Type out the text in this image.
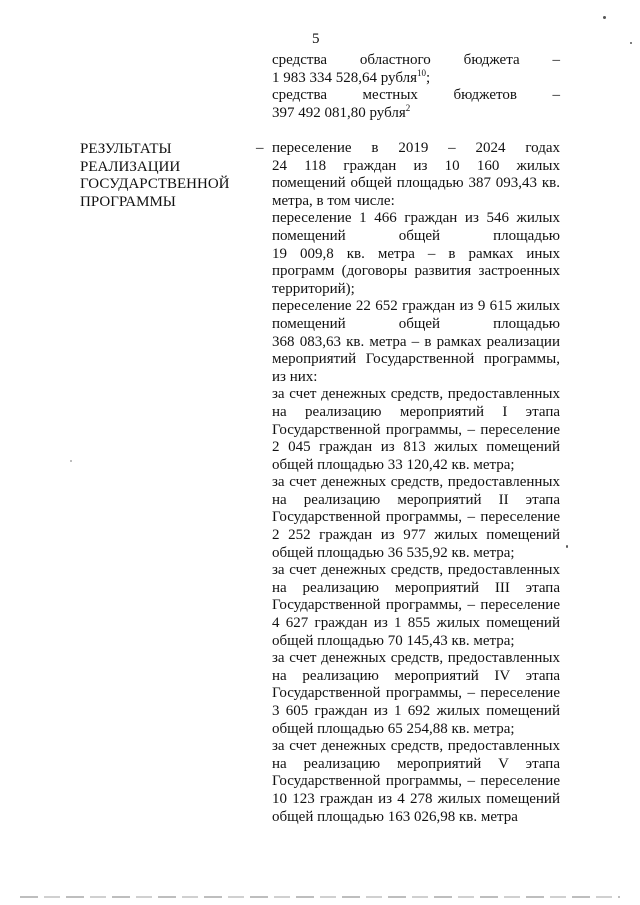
5
средства областного бюджета –
1 983 334 528,64 рубля$^{10}$;
средства местных бюджетов –
397 492 081,80 рубля$^2$
РЕЗУЛЬТАТЫ
РЕАЛИЗАЦИИ
ГОСУДАРСТВЕННОЙ
ПРОГРАММЫ
– переселение в 2019 – 2024 годах
24 118 граждан из 10 160 жилых
помещений общей площадью 387 093,43 кв.
метра, в том числе:
переселение 1 466 граждан из 546 жилых
помещений общей площадью
19 009,8 кв. метра – в рамках иных
программ (договоры развития застроенных
территорий);
переселение 22 652 граждан из 9 615 жилых
помещений общей площадью
368 083,63 кв. метра – в рамках реализации
мероприятий Государственной программы,
из них:
за счет денежных средств, предоставленных
на реализацию мероприятий I этапа
Государственной программы, – переселение
2 045 граждан из 813 жилых помещений
общей площадью 33 120,42 кв. метра;
за счет денежных средств, предоставленных
на реализацию мероприятий II этапа
Государственной программы, – переселение
2 252 граждан из 977 жилых помещений
общей площадью 36 535,92 кв. метра;
за счет денежных средств, предоставленных
на реализацию мероприятий III этапа
Государственной программы, – переселение
4 627 граждан из 1 855 жилых помещений
общей площадью 70 145,43 кв. метра;
за счет денежных средств, предоставленных
на реализацию мероприятий IV этапа
Государственной программы, – переселение
3 605 граждан из 1 692 жилых помещений
общей площадью 65 254,88 кв. метра;
за счет денежных средств, предоставленных
на реализацию мероприятий V этапа
Государственной программы, – переселение
10 123 граждан из 4 278 жилых помещений
общей площадью 163 026,98 кв. метра
